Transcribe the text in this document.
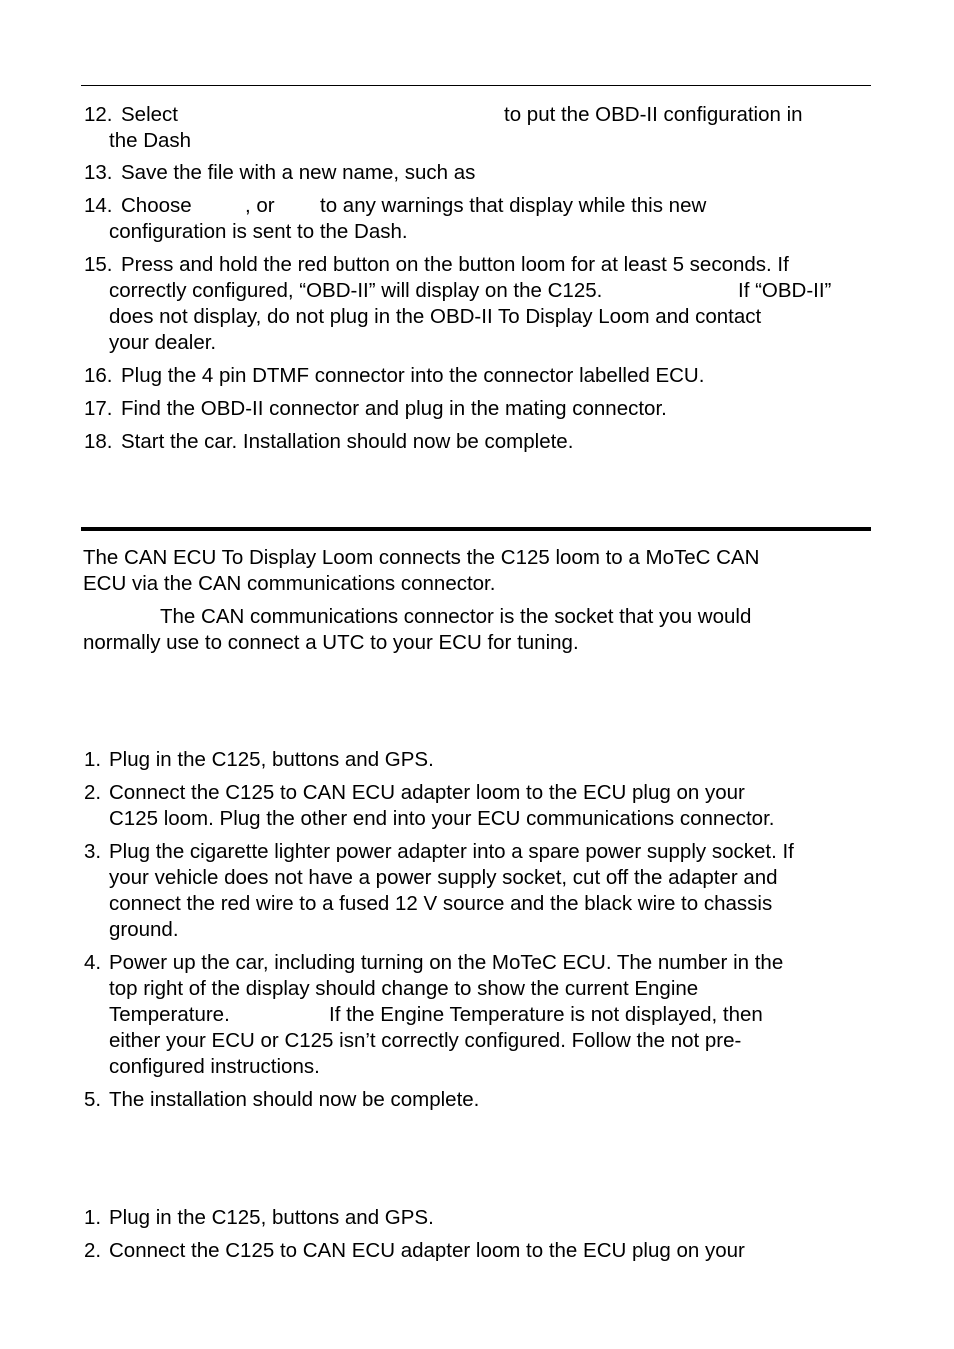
12. Select	to put the OBD-II configuration in
the Dash
13. Save the file with a new name, such as
14. Choose	, or to any warnings that display while this new
configuration is sent to the Dash.
15. Press and hold the red button on the button loom for at least 5 seconds. If
correctly configured, “OBD-II” will display on the C125.	If “OBD-II”
does not display, do not plug in the OBD-II To Display Loom and contact
your dealer.
16. Plug the 4 pin DTMF connector into the connector labelled ECU.
17. Find the OBD-II connector and plug in the mating connector.
18. Start the car. Installation should now be complete.
The CAN ECU To Display Loom connects the C125 loom to a MoTeC CAN
ECU via the CAN communications connector.
The CAN communications connector is the socket that you would
normally use to connect a UTC to your ECU for tuning.
1. Plug in the C125, buttons and GPS.
2. Connect the C125 to CAN ECU adapter loom to the ECU plug on your
C125 loom. Plug the other end into your ECU communications connector.
3. Plug the cigarette lighter power adapter into a spare power supply socket. If
your vehicle does not have a power supply socket, cut off the adapter and
connect the red wire to a fused 12 V source and the black wire to chassis
ground.
4. Power up the car, including turning on the MoTeC ECU. The number in the
top right of the display should change to show the current Engine
Temperature.	If the Engine Temperature is not displayed, then
either your ECU or C125 isn’t correctly configured. Follow the not pre-
configured instructions.
5. The installation should now be complete.
1. Plug in the C125, buttons and GPS.
2. Connect the C125 to CAN ECU adapter loom to the ECU plug on your
